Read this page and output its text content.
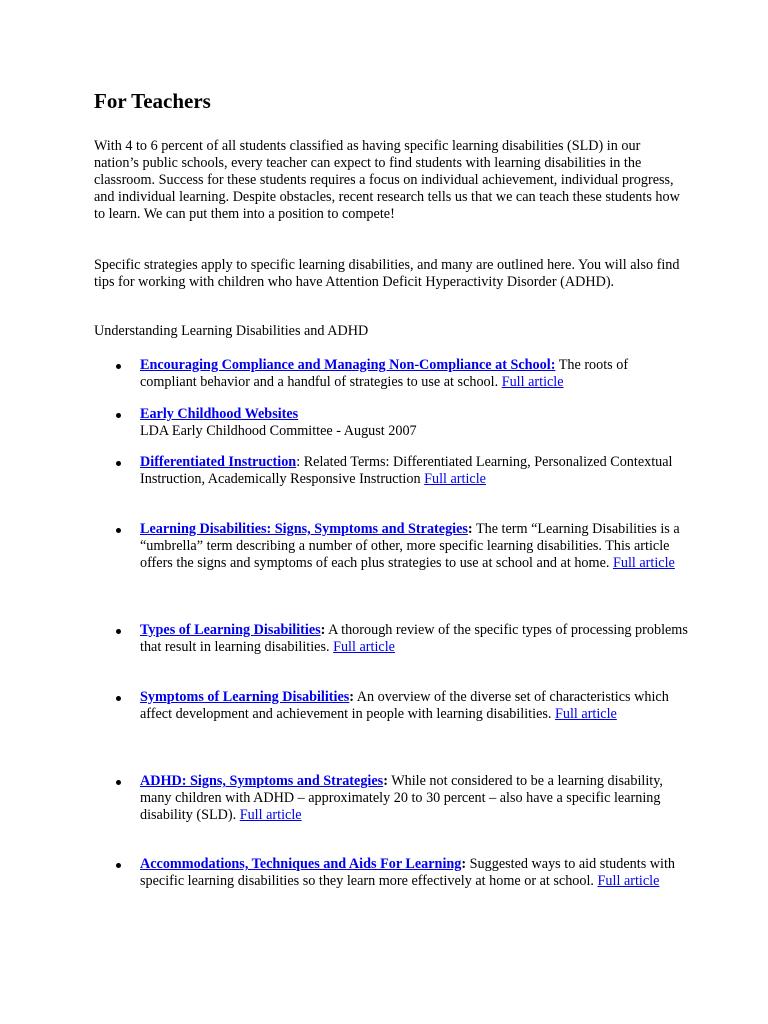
For Teachers

With 4 to 6 percent of all students classified as having specific learning disabilities (SLD) in our nation’s public schools, every teacher can expect to find students with learning disabilities in the classroom. Success for these students requires a focus on individual achievement, individual progress, and individual learning. Despite obstacles, recent research tells us that we can teach these students how to learn. We can put them into a position to compete!

Specific strategies apply to specific learning disabilities, and many are outlined here. You will also find tips for working with children who have Attention Deficit Hyperactivity Disorder (ADHD).

Understanding Learning Disabilities and ADHD

Encouraging Compliance and Managing Non-Compliance at School: The roots of compliant behavior and a handful of strategies to use at school. Full article
Early Childhood Websites
LDA Early Childhood Committee - August 2007
Differentiated Instruction: Related Terms: Differentiated Learning, Personalized Contextual Instruction, Academically Responsive Instruction Full article
Learning Disabilities: Signs, Symptoms and Strategies: The term “Learning Disabilities is a “umbrella” term describing a number of other, more specific learning disabilities. This article offers the signs and symptoms of each plus strategies to use at school and at home. Full article
Types of Learning Disabilities: A thorough review of the specific types of processing problems that result in learning disabilities. Full article
Symptoms of Learning Disabilities: An overview of the diverse set of characteristics which affect development and achievement in people with learning disabilities. Full article
ADHD: Signs, Symptoms and Strategies: While not considered to be a learning disability, many children with ADHD – approximately 20 to 30 percent – also have a specific learning disability (SLD). Full article
Accommodations, Techniques and Aids For Learning: Suggested ways to aid students with specific learning disabilities so they learn more effectively at home or at school. Full article
